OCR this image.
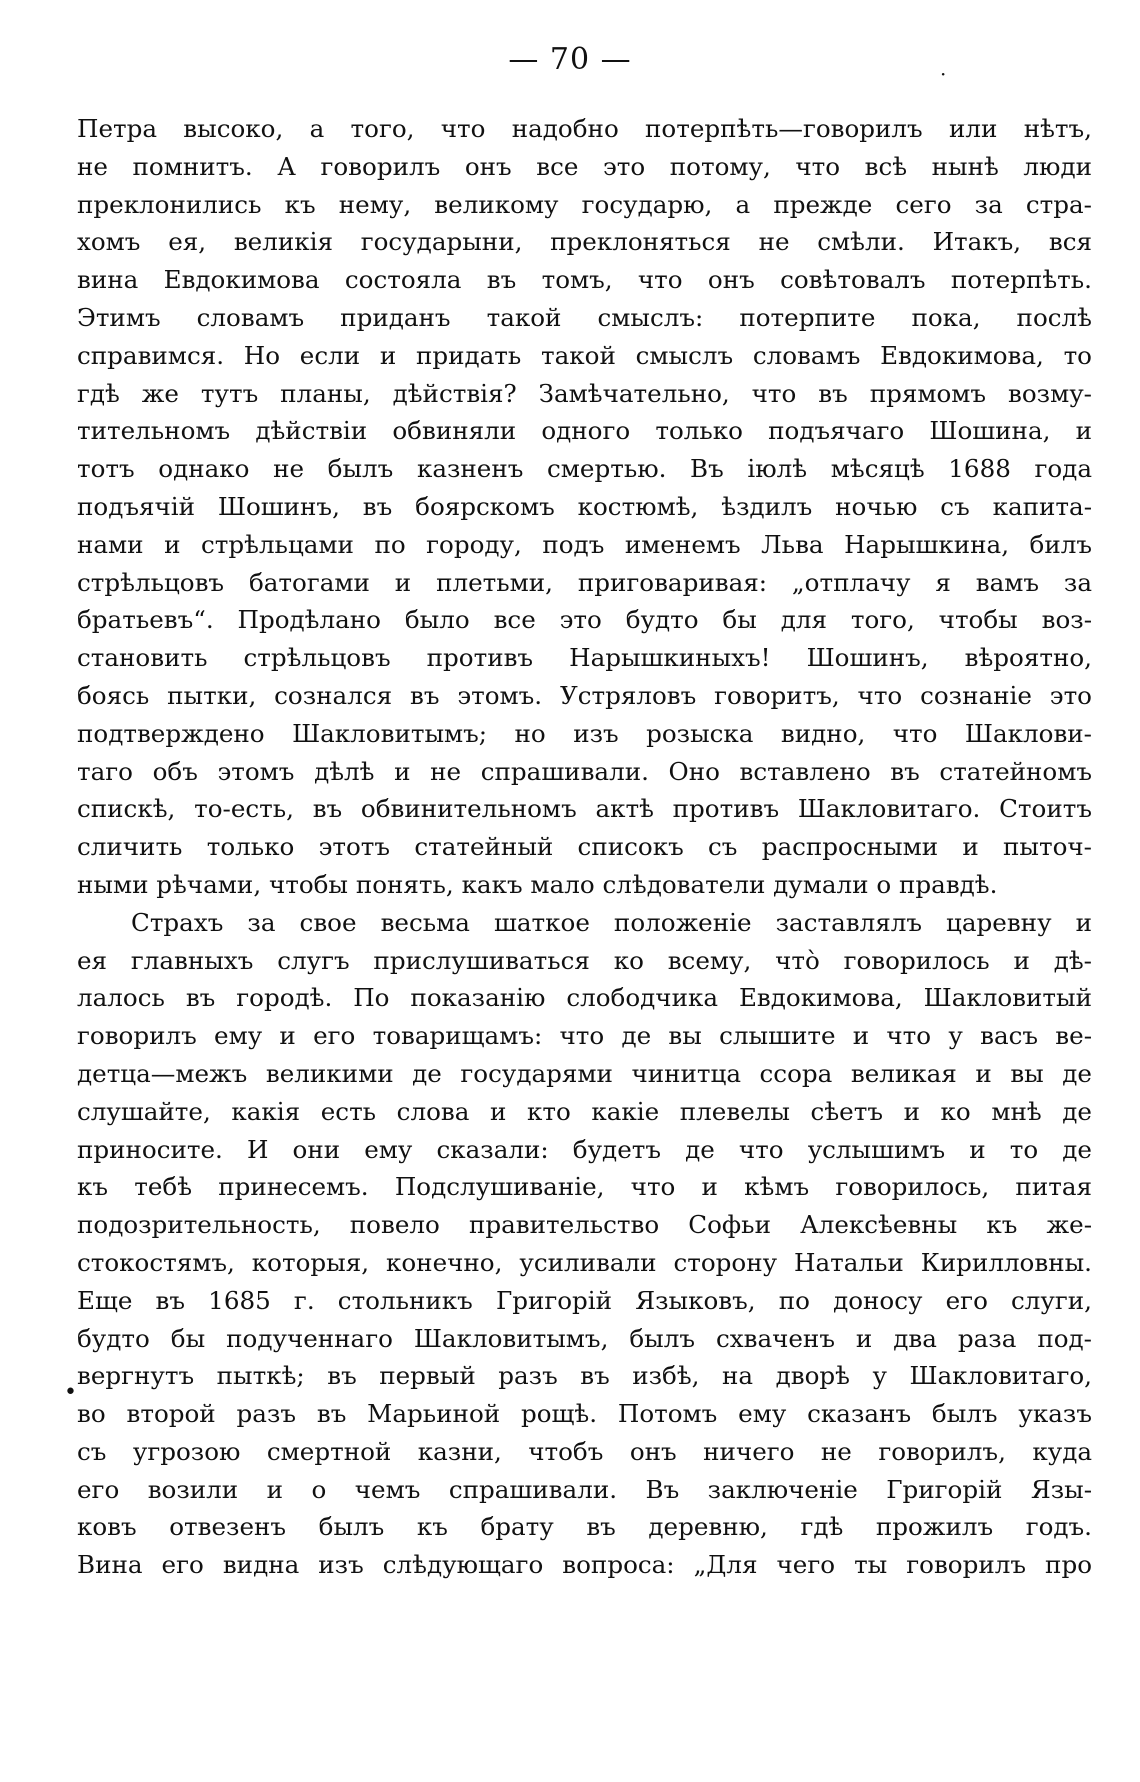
— 70 —	·
•
Петра высоко, а того, что надобно потерпѣть—говорилъ или нѣтъ,
не помнитъ. А говорилъ онъ все это потому, что всѣ нынѣ люди
преклонились къ нему, великому государю, а прежде сего за стра-
хомъ ея, великія государыни, преклоняться не смѣли. Итакъ, вся
вина Евдокимова состояла въ томъ, что онъ совѣтовалъ потерпѣть.
Этимъ словамъ приданъ такой смыслъ: потерпите пока, послѣ
справимся. Но если и придать такой смыслъ словамъ Евдокимова, то
гдѣ же тутъ планы, дѣйствія? Замѣчательно, что въ прямомъ возму-
тительномъ дѣйствіи обвиняли одного только подъячаго Шошина, и
тотъ однако не былъ казненъ смертью. Въ іюлѣ мѣсяцѣ 1688 года
подъячій Шошинъ, въ боярскомъ костюмѣ, ѣздилъ ночью съ капита-
нами и стрѣльцами по городу, подъ именемъ Льва Нарышкина, билъ
стрѣльцовъ батогами и плетьми, приговаривая: „отплачу я вамъ за
братьевъ“. Продѣлано было все это будто бы для того, чтобы воз-
становить стрѣльцовъ противъ Нарышкиныхъ! Шошинъ, вѣроятно,
боясь пытки, сознался въ этомъ. Устряловъ говоритъ, что сознаніе это
подтверждено Шакловитымъ; но изъ розыска видно, что Шаклови-
таго объ этомъ дѣлѣ и не спрашивали. Оно вставлено въ статейномъ
спискѣ, то-есть, въ обвинительномъ актѣ противъ Шакловитаго. Стоитъ
сличить только этотъ статейный списокъ съ распросными и пыточ-
ными рѣчами, чтобы понять, какъ мало слѣдователи думали о правдѣ.
Страхъ за свое весьма шаткое положеніе заставлялъ царевну и
ея главныхъ слугъ прислушиваться ко всему, что̀ говорилось и дѣ-
лалось въ городѣ. По показанію слободчика Евдокимова, Шакловитый
говорилъ ему и его товарищамъ: что де вы слышите и что у васъ ве-
детца—межъ великими де государями чинитца ссора великая и вы де
слушайте, какія есть слова и кто какіе плевелы сѣетъ и ко мнѣ де
приносите. И они ему сказали: будетъ де что услышимъ и то де
къ тебѣ принесемъ. Подслушиваніе, что и кѣмъ говорилось, питая
подозрительность, повело правительство Софьи Алексѣевны къ же-
стокостямъ, которыя, конечно, усиливали сторону Натальи Кирилловны.
Еще въ 1685 г. стольникъ Григорій Языковъ, по доносу его слуги,
будто бы подученнаго Шакловитымъ, былъ схваченъ и два раза под-
вергнутъ пыткѣ; въ первый разъ въ избѣ, на дворѣ у Шакловитаго,
во второй разъ въ Марьиной рощѣ. Потомъ ему сказанъ былъ указъ
съ угрозою смертной казни, чтобъ онъ ничего не говорилъ, куда
его возили и о чемъ спрашивали. Въ заключеніе Григорій Язы-
ковъ отвезенъ былъ къ брату въ деревню, гдѣ прожилъ годъ.
Вина его видна изъ слѣдующаго вопроса: „Для чего ты говорилъ про
